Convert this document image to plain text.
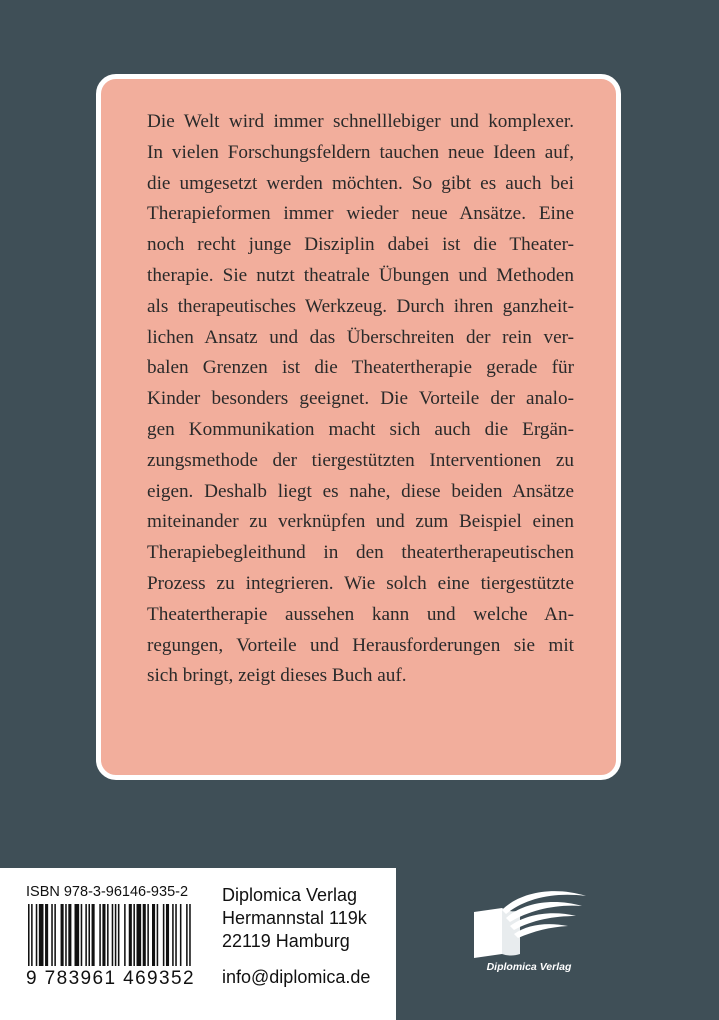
Die Welt wird immer schnelllebiger und komplexer.
In vielen Forschungsfeldern tauchen neue Ideen auf,
die umgesetzt werden möchten. So gibt es auch bei
Therapieformen immer wieder neue Ansätze. Eine
noch recht junge Disziplin dabei ist die Theater-
therapie. Sie nutzt theatrale Übungen und Methoden
als therapeutisches Werkzeug. Durch ihren ganzheit-
lichen Ansatz und das Überschreiten der rein ver-
balen Grenzen ist die Theatertherapie gerade für
Kinder besonders geeignet. Die Vorteile der analo-
gen Kommunikation macht sich auch die Ergän-
zungsmethode der tiergestützten Interventionen zu
eigen. Deshalb liegt es nahe, diese beiden Ansätze
miteinander zu verknüpfen und zum Beispiel einen
Therapiebegleithund in den theatertherapeutischen
Prozess zu integrieren. Wie solch eine tiergestützte
Theatertherapie aussehen kann und welche An-
regungen, Vorteile und Herausforderungen sie mit
sich bringt, zeigt dieses Buch auf.
ISBN 978-3-96146-935-2
9 783961 469352
Diplomica Verlag
Hermannstal 119k
22119 Hamburg
info@diplomica.de	Diplomica Verlag
